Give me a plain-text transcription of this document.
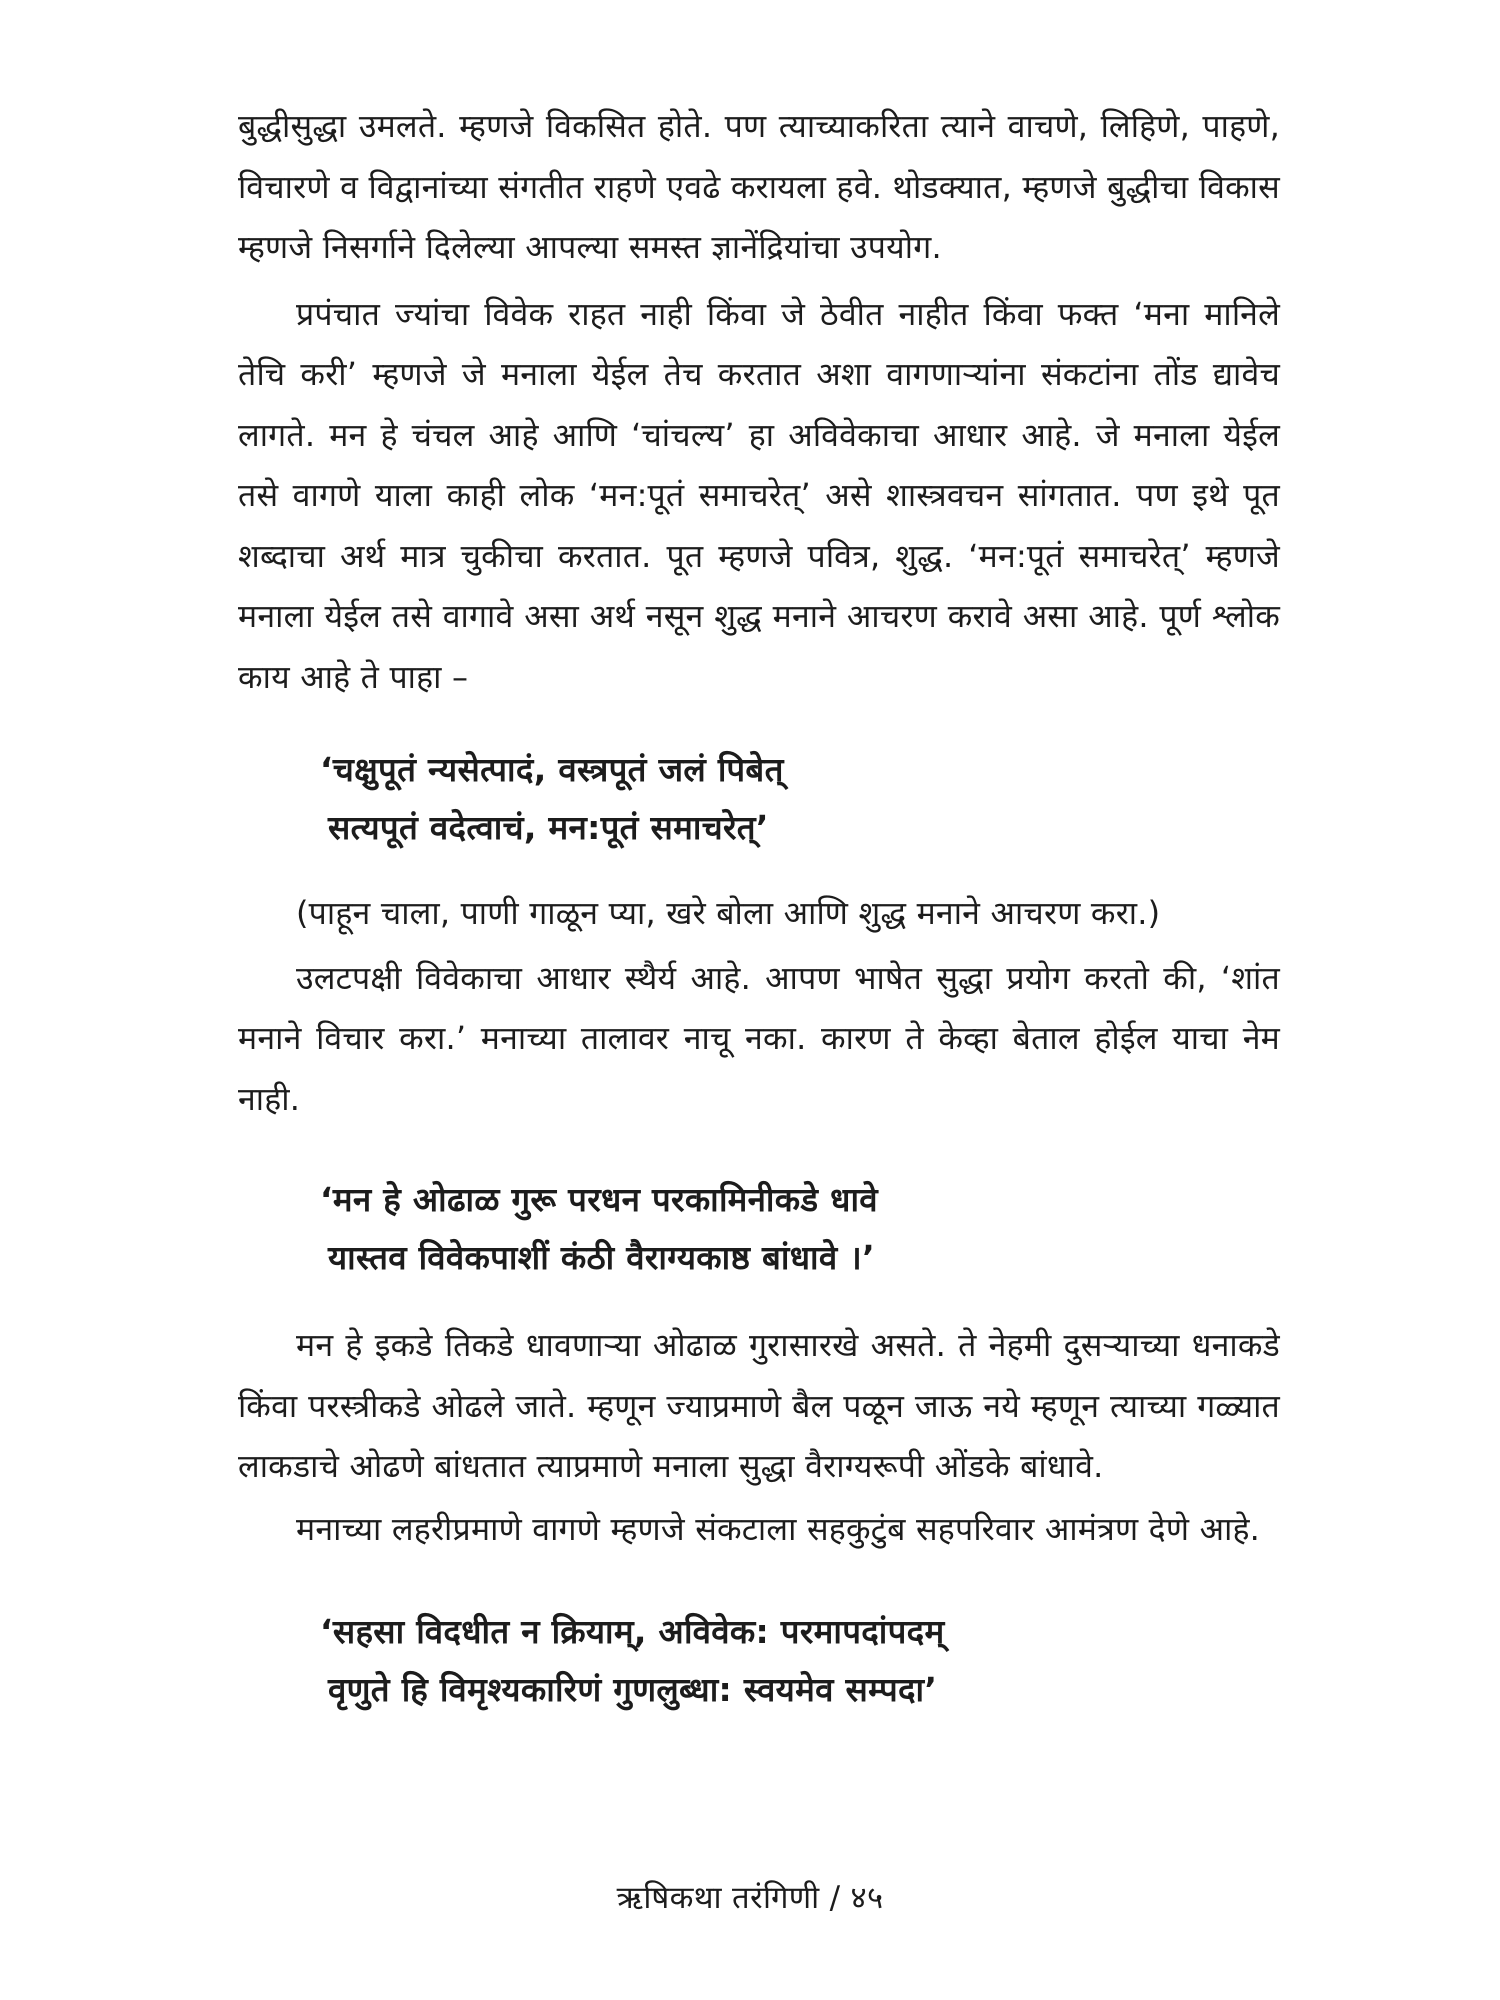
बुद्धीसुद्धा उमलते. म्हणजे विकसित होते. पण त्याच्याकरिता त्याने वाचणे, लिहिणे, पाहणे, विचारणे व विद्वानांच्या संगतीत राहणे एवढे करायला हवे. थोडक्यात, म्हणजे बुद्धीचा विकास म्हणजे निसर्गाने दिलेल्या आपल्या समस्त ज्ञानेंद्रियांचा उपयोग.

प्रपंचात ज्यांचा विवेक राहत नाही किंवा जे ठेवीत नाहीत किंवा फक्त ‘मना मानिले तेचि करी’ म्हणजे जे मनाला येईल तेच करतात अशा वागणाऱ्यांना संकटांना तोंड द्यावेच लागते. मन हे चंचल आहे आणि ‘चांचल्य’ हा अविवेकाचा आधार आहे. जे मनाला येईल तसे वागणे याला काही लोक ‘मन:पूतं समाचरेत्’ असे शास्त्रवचन सांगतात. पण इथे पूत शब्दाचा अर्थ मात्र चुकीचा करतात. पूत म्हणजे पवित्र, शुद्ध. ‘मन:पूतं समाचरेत्’ म्हणजे मनाला येईल तसे वागावे असा अर्थ नसून शुद्ध मनाने आचरण करावे असा आहे. पूर्ण श्लोक काय आहे ते पाहा –

‘चक्षुपूतं न्यसेत्पादं, वस्त्रपूतं जलं पिबेत्
सत्यपूतं वदेत्वाचं, मन:पूतं समाचरेत्’

(पाहून चाला, पाणी गाळून प्या, खरे बोला आणि शुद्ध मनाने आचरण करा.)

उलटपक्षी विवेकाचा आधार स्थैर्य आहे. आपण भाषेत सुद्धा प्रयोग करतो की, ‘शांत मनाने विचार करा.’ मनाच्या तालावर नाचू नका. कारण ते केव्हा बेताल होईल याचा नेम नाही.

‘मन हे ओढाळ गुरू परधन परकामिनीकडे धावे
यास्तव विवेकपाशीं कंठी वैराग्यकाष्ठ बांधावे ।’

मन हे इकडे तिकडे धावणाऱ्या ओढाळ गुरासारखे असते. ते नेहमी दुसऱ्याच्या धनाकडे किंवा परस्त्रीकडे ओढले जाते. म्हणून ज्याप्रमाणे बैल पळून जाऊ नये म्हणून त्याच्या गळ्यात लाकडाचे ओढणे बांधतात त्याप्रमाणे मनाला सुद्धा वैराग्यरूपी ओंडके बांधावे.

मनाच्या लहरीप्रमाणे वागणे म्हणजे संकटाला सहकुटुंब सहपरिवार आमंत्रण देणे आहे.

‘सहसा विदधीत न क्रियाम्, अविवेक: परमापदांपदम्
वृणुते हि विमृश्यकारिणं गुणलुब्धा: स्वयमेव सम्पदा’
ऋषिकथा तरंगिणी / ४५
